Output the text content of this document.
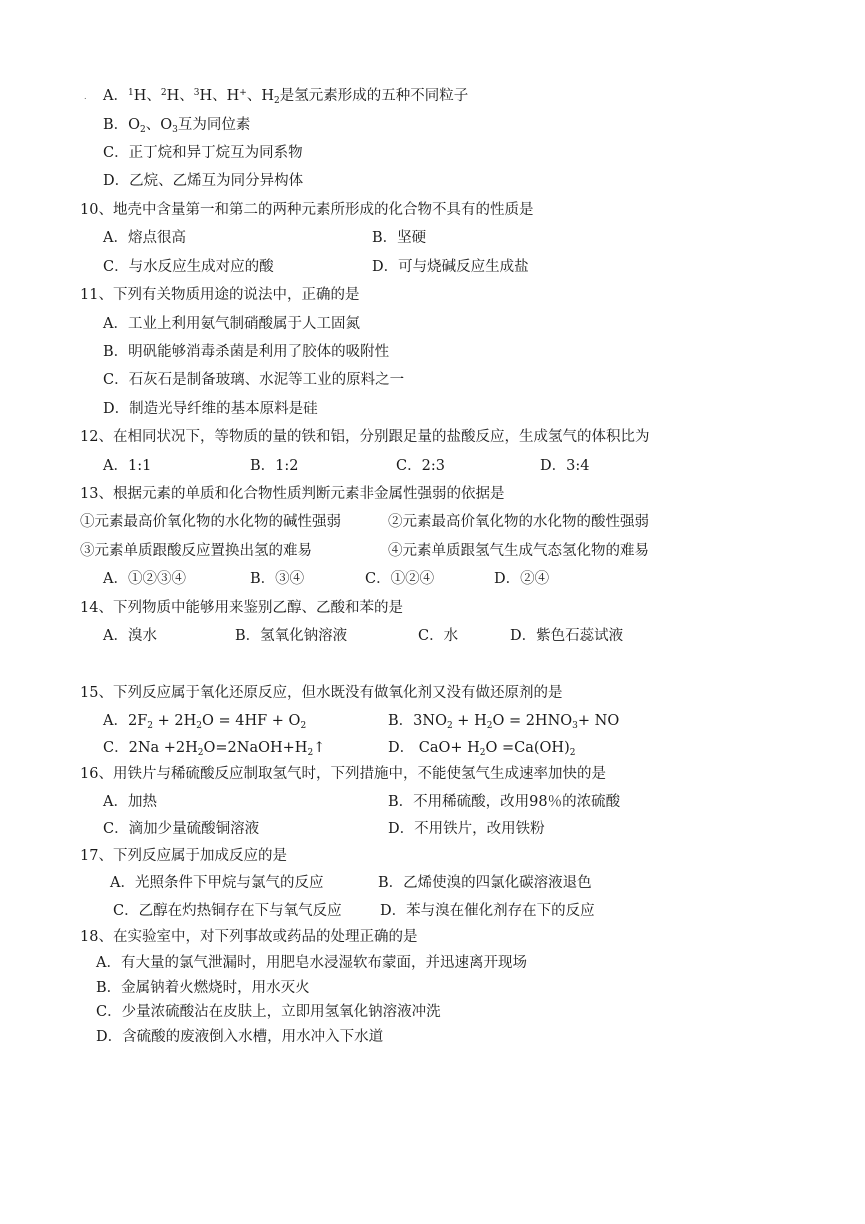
. A．$^1$H、$^2$H、$^3$H、H+、$H_2$是氢元素形成的五种不同粒子
B．$O_2$、$O_3$互为同位素
C．正丁烷和异丁烷互为同系物
D．乙烷、乙烯互为同分异构体
10、地壳中含量第一和第二的两种元素所形成的化合物不具有的性质是
A．熔点很高	B．坚硬
C．与水反应生成对应的酸	D．可与烧碱反应生成盐
11、下列有关物质用途的说法中，正确的是
A．工业上利用氨气制硝酸属于人工固氮
B．明矾能够消毒杀菌是利用了胶体的吸附性
C．石灰石是制备玻璃、水泥等工业的原料之一
D．制造光导纤维的基本原料是硅
12、在相同状况下，等物质的量的铁和铝，分别跟足量的盐酸反应，生成氢气的体积比为
A．1:1	B．1:2	C．2:3	D．3:4
13、根据元素的单质和化合物性质判断元素非金属性强弱的依据是
①元素最高价氧化物的水化物的碱性强弱	②元素最高价氧化物的水化物的酸性强弱
③元素单质跟酸反应置换出氢的难易	④元素单质跟氢气生成气态氢化物的难易
A．①②③④	B．③④	C．①②④	D．②④
14、下列物质中能够用来鉴别乙醇、乙酸和苯的是
A．溴水	B．氢氧化钠溶液	C．水	D．紫色石蕊试液
15、下列反应属于氧化还原反应，但水既没有做氧化剂又没有做还原剂的是
A．$2F_2 + 2H_2O = 4HF + O_2$	B．$3NO_2 + H_2O = 2HNO_3+$ NO
C．$2Na +2H_2O=2NaOH+H_2↑$	D． $CaO+ H_2O =Ca(OH)_2$
16、用铁片与稀硫酸反应制取氢气时，下列措施中，不能使氢气生成速率加快的是
A．加热	B．不用稀硫酸，改用98％的浓硫酸
C．滴加少量硫酸铜溶液	D．不用铁片，改用铁粉
17、下列反应属于加成反应的是
A．光照条件下甲烷与氯气的反应	B．乙烯使溴的四氯化碳溶液退色
C．乙醇在灼热铜存在下与氧气反应	D．苯与溴在催化剂存在下的反应
18、在实验室中，对下列事故或药品的处理正确的是
A．有大量的氯气泄漏时，用肥皂水浸湿软布蒙面，并迅速离开现场
B．金属钠着火燃烧时，用水灭火
C．少量浓硫酸沾在皮肤上，立即用氢氧化钠溶液冲洗
D．含硫酸的废液倒入水槽，用水冲入下水道
